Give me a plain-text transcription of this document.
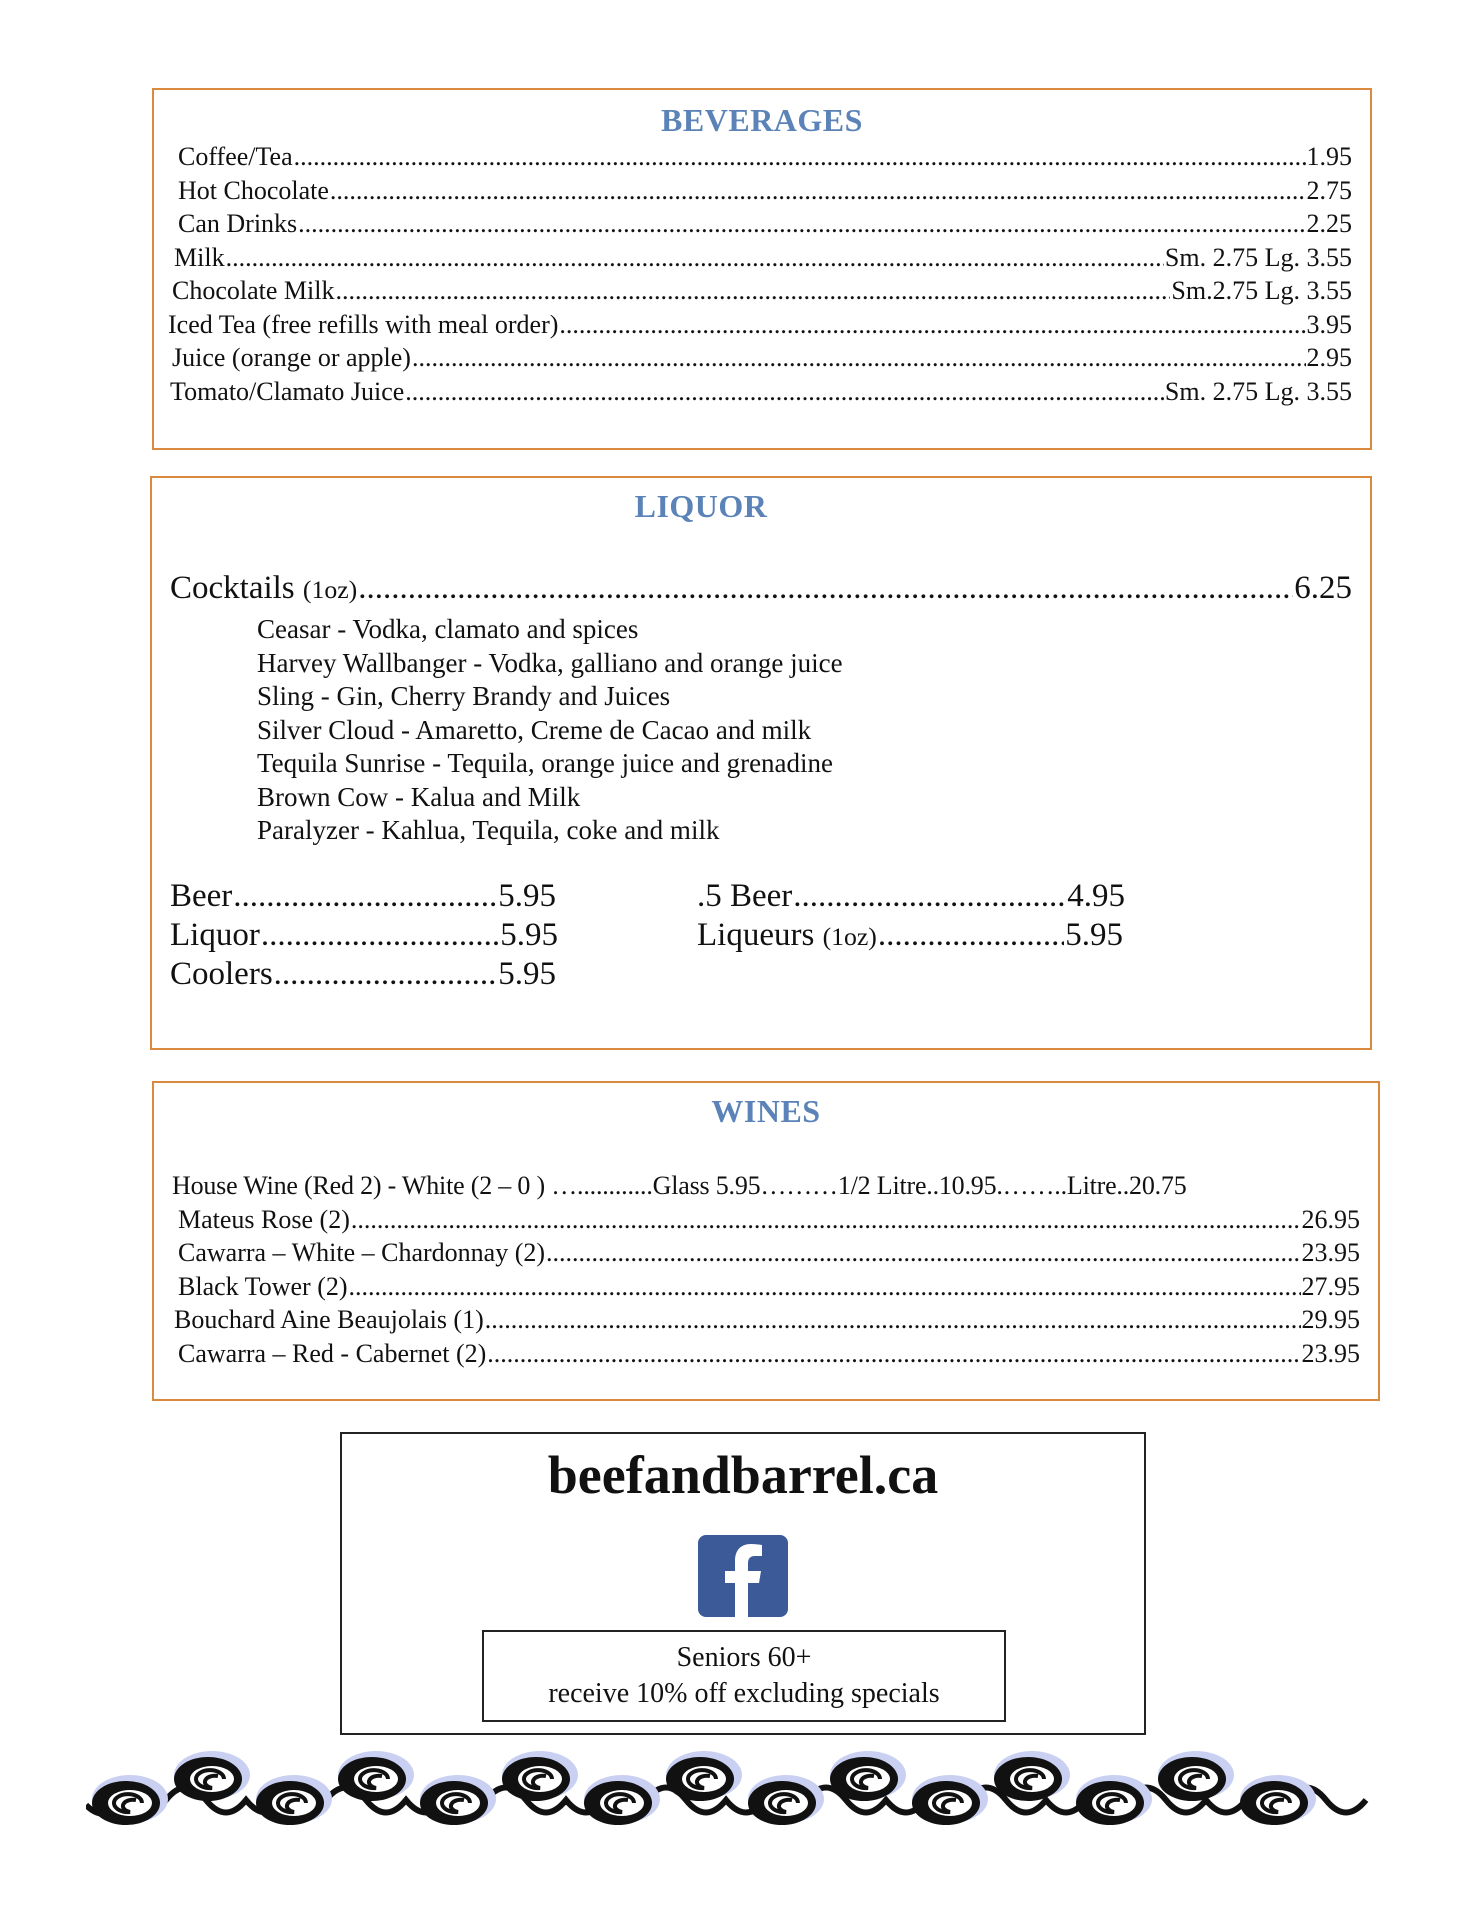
BEVERAGES
Coffee/Tea .....	1.95
Hot Chocolate .....	2.75
Can Drinks .....	2.25
Milk .....	Sm. 2.75 Lg. 3.55
Chocolate Milk .....	Sm.2.75 Lg. 3.55
Iced Tea (free refills with meal order) .....	3.95
Juice (orange or apple) .....	2.95
Tomato/Clamato Juice .....	Sm. 2.75 Lg. 3.55
LIQUOR
Cocktails (1oz) .....	6.25
Ceasar - Vodka, clamato and spices
Harvey Wallbanger - Vodka, galliano and orange juice
Sling - Gin, Cherry Brandy and Juices
Silver Cloud - Amaretto, Creme de Cacao and milk
Tequila Sunrise - Tequila, orange juice and grenadine
Brown Cow - Kalua and Milk
Paralyzer - Kahlua, Tequila, coke and milk
Beer .....	5.95
Liquor .....	5.95
Coolers .....	5.95
.5 Beer .....	4.95
Liqueurs (1oz) .....	5.95
WINES
House Wine (Red 2) - White (2 – 0 ) …............Glass 5.95………1/2 Litre..10.95.……..Litre..20.75
Mateus Rose (2) .....	26.95
Cawarra – White – Chardonnay (2) .....	23.95
Black Tower (2) .....	27.95
Bouchard Aine Beaujolais (1) .....	29.95
Cawarra – Red - Cabernet (2) .....	23.95
beefandbarrel.ca
Seniors 60+
receive 10% off excluding specials
